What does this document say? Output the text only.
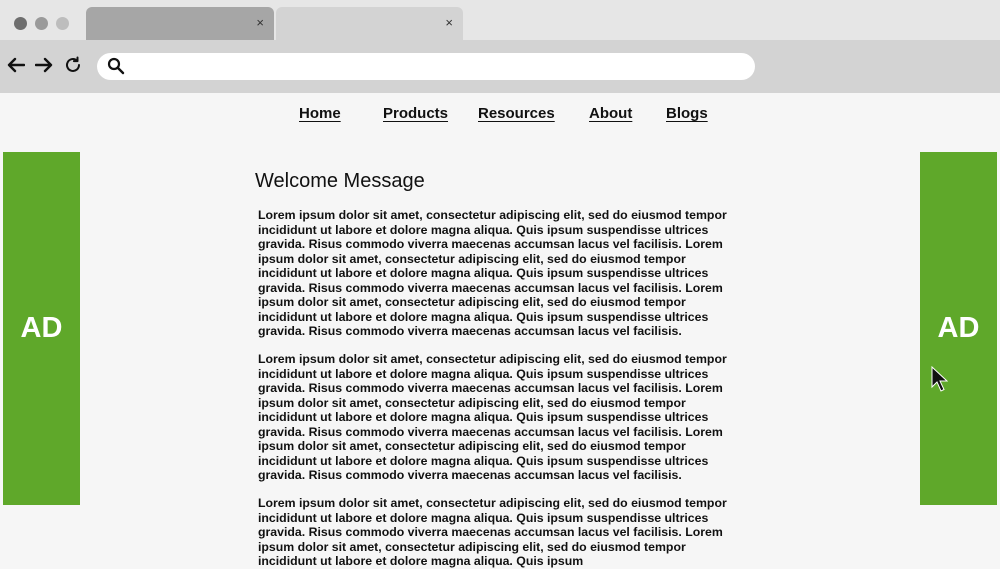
×	×
Home	Products Resources About Blogs
AD	AD
Welcome Message

Lorem ipsum dolor sit amet, consectetur adipiscing elit, sed do eiusmod tempor incididunt ut labore et dolore magna aliqua. Quis ipsum suspendisse ultrices gravida. Risus commodo viverra maecenas accumsan lacus vel facilisis. Lorem ipsum dolor sit amet, consectetur adipiscing elit, sed do eiusmod tempor incididunt ut labore et dolore magna aliqua. Quis ipsum suspendisse ultrices gravida. Risus commodo viverra maecenas accumsan lacus vel facilisis. Lorem ipsum dolor sit amet, consectetur adipiscing elit, sed do eiusmod tempor incididunt ut labore et dolore magna aliqua. Quis ipsum suspendisse ultrices gravida. Risus commodo viverra maecenas accumsan lacus vel facilisis.

Lorem ipsum dolor sit amet, consectetur adipiscing elit, sed do eiusmod tempor incididunt ut labore et dolore magna aliqua. Quis ipsum suspendisse ultrices gravida. Risus commodo viverra maecenas accumsan lacus vel facilisis. Lorem ipsum dolor sit amet, consectetur adipiscing elit, sed do eiusmod tempor incididunt ut labore et dolore magna aliqua. Quis ipsum suspendisse ultrices gravida. Risus commodo viverra maecenas accumsan lacus vel facilisis. Lorem ipsum dolor sit amet, consectetur adipiscing elit, sed do eiusmod tempor incididunt ut labore et dolore magna aliqua. Quis ipsum suspendisse ultrices gravida. Risus commodo viverra maecenas accumsan lacus vel facilisis.

Lorem ipsum dolor sit amet, consectetur adipiscing elit, sed do eiusmod tempor incididunt ut labore et dolore magna aliqua. Quis ipsum suspendisse ultrices gravida. Risus commodo viverra maecenas accumsan lacus vel facilisis. Lorem ipsum dolor sit amet, consectetur adipiscing elit, sed do eiusmod tempor incididunt ut labore et dolore magna aliqua. Quis ipsum
